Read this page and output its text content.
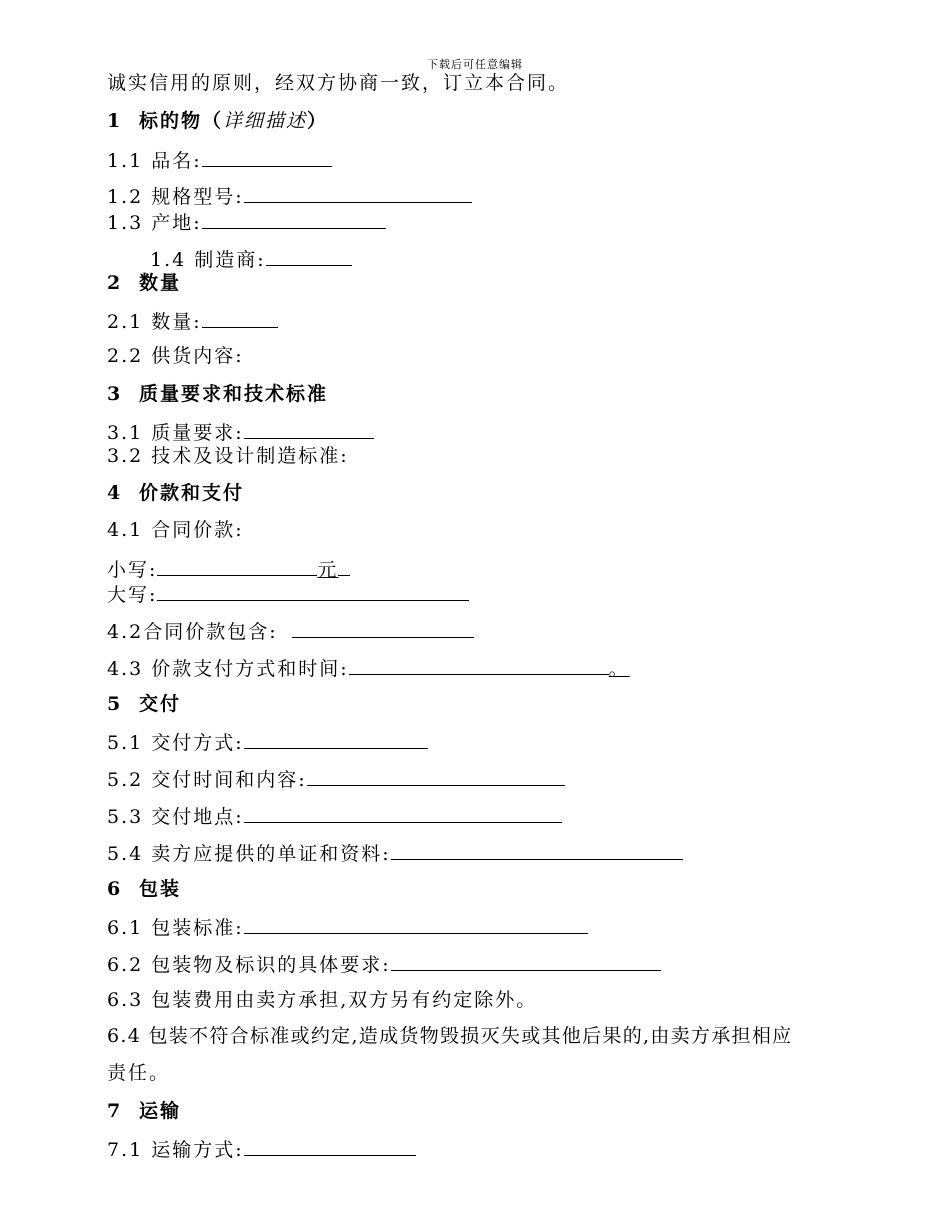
下载后可任意编辑
诚实信用的原则，经双方协商一致，订立本合同。
1 标的物（详细描述）
1.1 品名:
1.2 规格型号:
1.3 产地:
1.4 制造商:
2 数量
2.1 数量:
2.2 供货内容:
3 质量要求和技术标准
3.1 质量要求:
3.2 技术及设计制造标准:
4 价款和支付
4.1 合同价款:
小写:	元
大写:
4.2合同价款包含:
4.3 价款支付方式和时间:	。
5 交付
5.1 交付方式:
5.2 交付时间和内容:
5.3 交付地点:
5.4 卖方应提供的单证和资料:
6 包装
6.1 包装标准:
6.2 包装物及标识的具体要求:
6.3 包装费用由卖方承担,双方另有约定除外。
6.4 包装不符合标准或约定,造成货物毁损灭失或其他后果的,由卖方承担相应
责任。
7 运输
7.1 运输方式:
